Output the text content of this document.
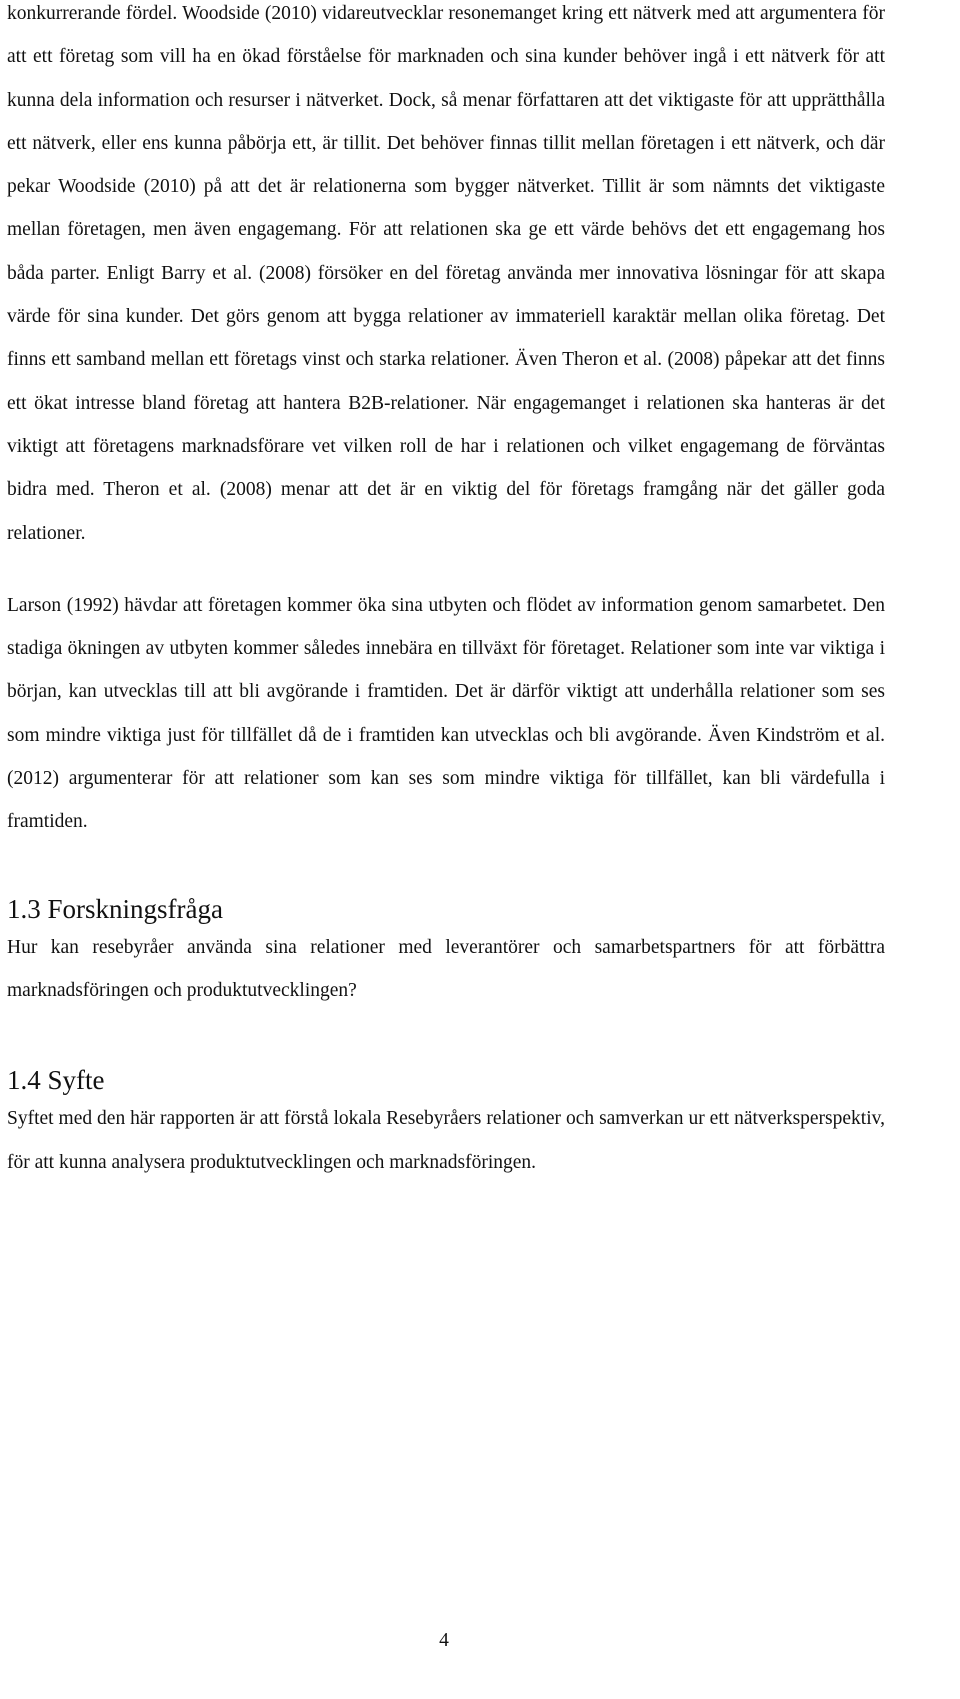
konkurrerande fördel. Woodside (2010) vidareutvecklar resonemanget kring ett nätverk med att argumentera för att ett företag som vill ha en ökad förståelse för marknaden och sina kunder behöver ingå i ett nätverk för att kunna dela information och resurser i nätverket. Dock, så menar författaren att det viktigaste för att upprätthålla ett nätverk, eller ens kunna påbörja ett, är tillit. Det behöver finnas tillit mellan företagen i ett nätverk, och där pekar Woodside (2010) på att det är relationerna som bygger nätverket. Tillit är som nämnts det viktigaste mellan företagen, men även engagemang. För att relationen ska ge ett värde behövs det ett engagemang hos båda parter. Enligt Barry et al. (2008) försöker en del företag använda mer innovativa lösningar för att skapa värde för sina kunder. Det görs genom att bygga relationer av immateriell karaktär mellan olika företag. Det finns ett samband mellan ett företags vinst och starka relationer. Även Theron et al. (2008) påpekar att det finns ett ökat intresse bland företag att hantera B2B-relationer. När engagemanget i relationen ska hanteras är det viktigt att företagens marknadsförare vet vilken roll de har i relationen och vilket engagemang de förväntas bidra med. Theron et al. (2008) menar att det är en viktig del för företags framgång när det gäller goda relationer.

Larson (1992) hävdar att företagen kommer öka sina utbyten och flödet av information genom samarbetet. Den stadiga ökningen av utbyten kommer således innebära en tillväxt för företaget. Relationer som inte var viktiga i början, kan utvecklas till att bli avgörande i framtiden. Det är därför viktigt att underhålla relationer som ses som mindre viktiga just för tillfället då de i framtiden kan utvecklas och bli avgörande. Även Kindström et al. (2012) argumenterar för att relationer som kan ses som mindre viktiga för tillfället, kan bli värdefulla i framtiden.

1.3 Forskningsfråga

Hur kan resebyråer använda sina relationer med leverantörer och samarbetspartners för att förbättra marknadsföringen och produktutvecklingen?

1.4 Syfte

Syftet med den här rapporten är att förstå lokala Resebyråers relationer och samverkan ur ett nätverksperspektiv, för att kunna analysera produktutvecklingen och marknadsföringen.

4
